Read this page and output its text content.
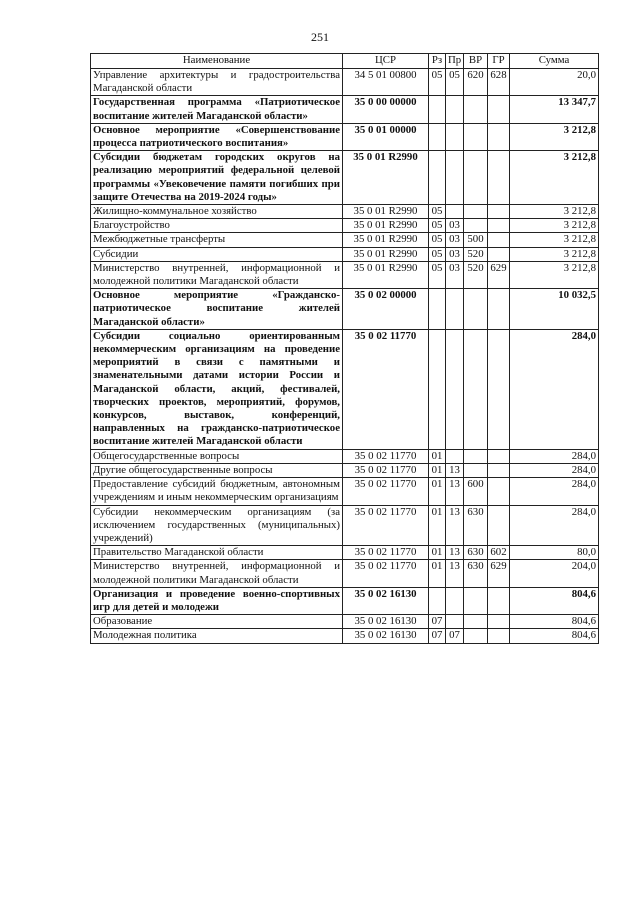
251
Наименование	ЦСР	Рз	Пр	ВР	ГР	Сумма
Управление архитектуры и градостроительства Магаданской области	34 5 01 00800	05	05	620	628	20,0
Государственная программа «Патриотическое воспитание жителей Магаданской области»	35 0 00 00000					13 347,7
Основное мероприятие «Совершенствование процесса патриотического воспитания»	35 0 01 00000					3 212,8
Субсидии бюджетам городских округов на реализацию мероприятий федеральной целевой программы «Увековечение памяти погибших при защите Отечества на 2019-2024 годы»	35 0 01 R2990					3 212,8
Жилищно-коммунальное хозяйство	35 0 01 R2990	05				3 212,8
Благоустройство	35 0 01 R2990	05	03			3 212,8
Межбюджетные трансферты	35 0 01 R2990	05	03	500		3 212,8
Субсидии	35 0 01 R2990	05	03	520		3 212,8
Министерство внутренней, информационной и молодежной политики Магаданской области	35 0 01 R2990	05	03	520	629	3 212,8
Основное мероприятие «Гражданско-патриотическое воспитание жителей Магаданской области»	35 0 02 00000					10 032,5
Субсидии социально ориентированным некоммерческим организациям на проведение мероприятий в связи с памятными и знаменательными датами истории России и Магаданской области, акций, фестивалей, творческих проектов, мероприятий, форумов, конкурсов, выставок, конференций, направленных на гражданско-патриотическое воспитание жителей Магаданской области	35 0 02 11770					284,0
Общегосударственные вопросы	35 0 02 11770	01				284,0
Другие общегосударственные вопросы	35 0 02 11770	01	13			284,0
Предоставление субсидий бюджетным, автономным учреждениям и иным некоммерческим организациям	35 0 02 11770	01	13	600		284,0
Субсидии некоммерческим организациям (за исключением государственных (муниципальных) учреждений)	35 0 02 11770	01	13	630		284,0
Правительство Магаданской области	35 0 02 11770	01	13	630	602	80,0
Министерство внутренней, информационной и молодежной политики Магаданской области	35 0 02 11770	01	13	630	629	204,0
Организация и проведение военно-спортивных игр для детей и молодежи	35 0 02 16130					804,6
Образование	35 0 02 16130	07				804,6
Молодежная политика	35 0 02 16130	07	07			804,6
